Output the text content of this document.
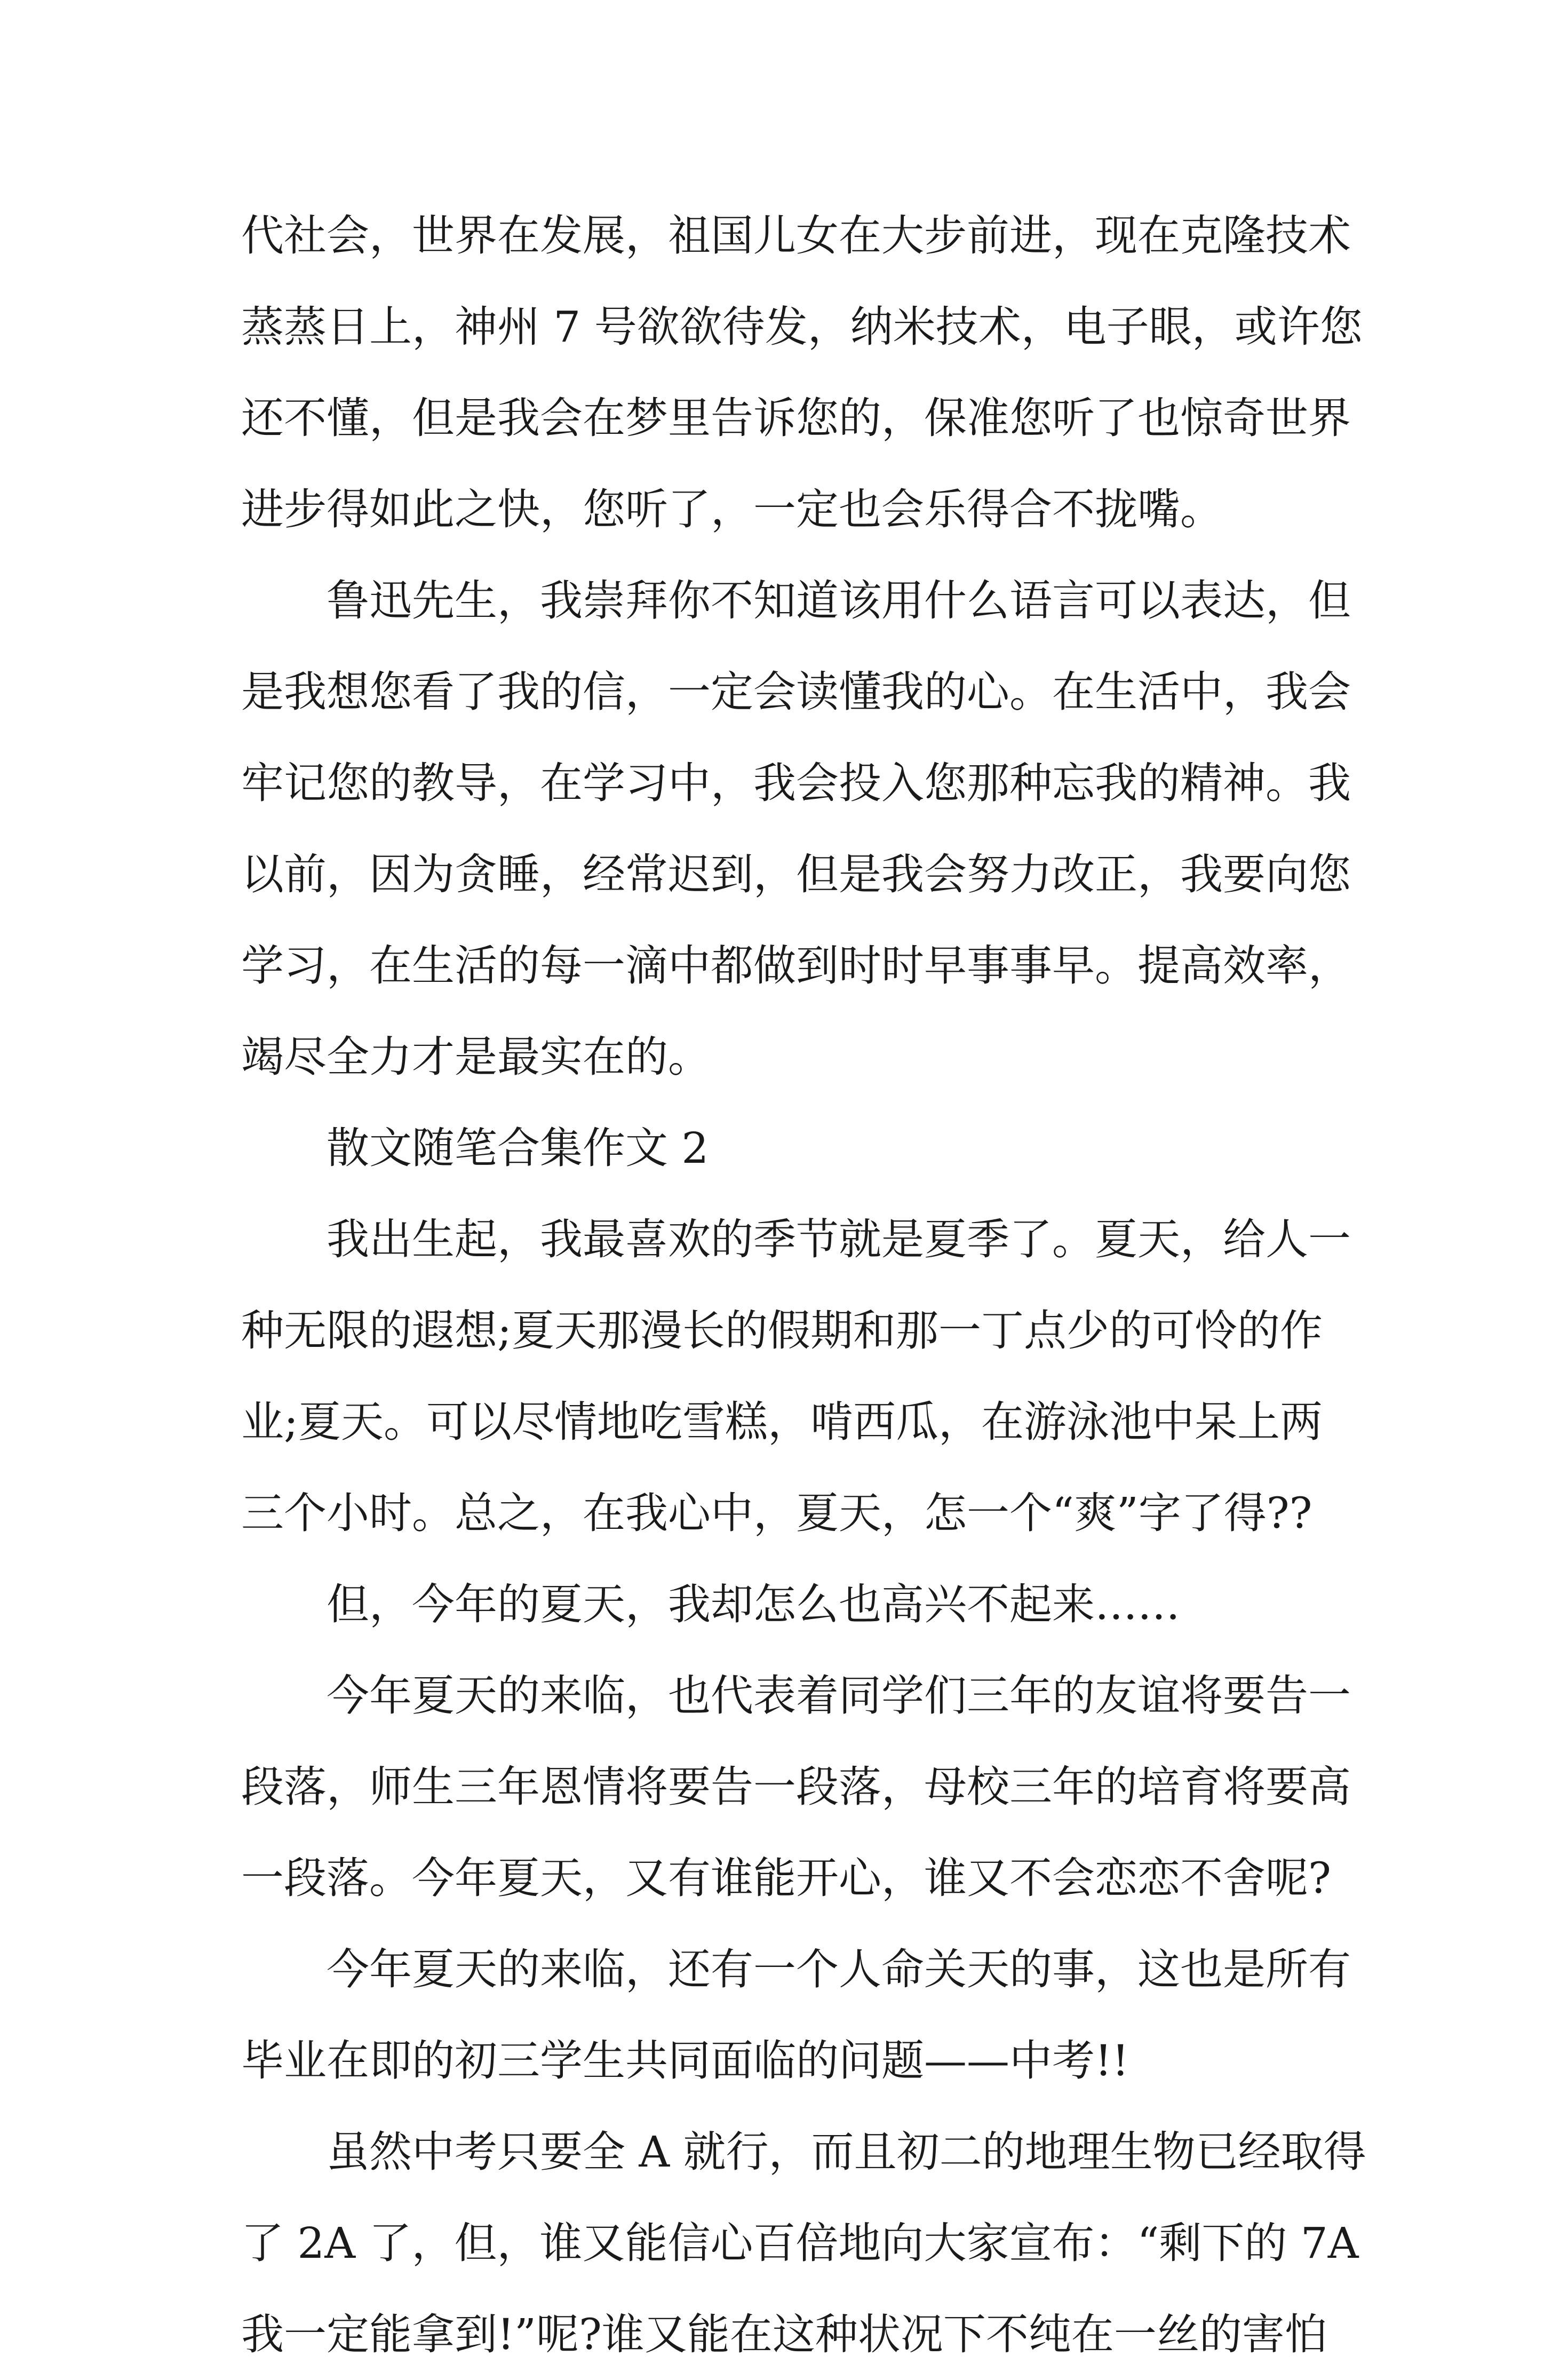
代社会，世界在发展，祖国儿女在大步前进，现在克隆技术
蒸蒸日上，神州 7 号欲欲待发，纳米技术，电子眼，或许您
还不懂，但是我会在梦里告诉您的，保准您听了也惊奇世界
进步得如此之快，您听了，一定也会乐得合不拢嘴。
鲁迅先生，我崇拜你不知道该用什么语言可以表达，但
是我想您看了我的信，一定会读懂我的心。在生活中，我会
牢记您的教导，在学习中，我会投入您那种忘我的精神。我
以前，因为贪睡，经常迟到，但是我会努力改正，我要向您
学习，在生活的每一滴中都做到时时早事事早。提高效率，
竭尽全力才是最实在的。
散文随笔合集作文 2
我出生起，我最喜欢的季节就是夏季了。夏天，给人一
种无限的遐想;夏天那漫长的假期和那一丁点少的可怜的作
业;夏天。可以尽情地吃雪糕，啃西瓜，在游泳池中呆上两
三个小时。总之，在我心中，夏天，怎一个“爽”字了得??
但，今年的夏天，我却怎么也高兴不起来……
今年夏天的来临，也代表着同学们三年的友谊将要告一
段落，师生三年恩情将要告一段落，母校三年的培育将要高
一段落。今年夏天，又有谁能开心，谁又不会恋恋不舍呢?
今年夏天的来临，还有一个人命关天的事，这也是所有
毕业在即的初三学生共同面临的问题——中考!!
虽然中考只要全 A 就行，而且初二的地理生物已经取得
了 2A 了，但，谁又能信心百倍地向大家宣布：“剩下的 7A
我一定能拿到!”呢?谁又能在这种状况下不纯在一丝的害怕
